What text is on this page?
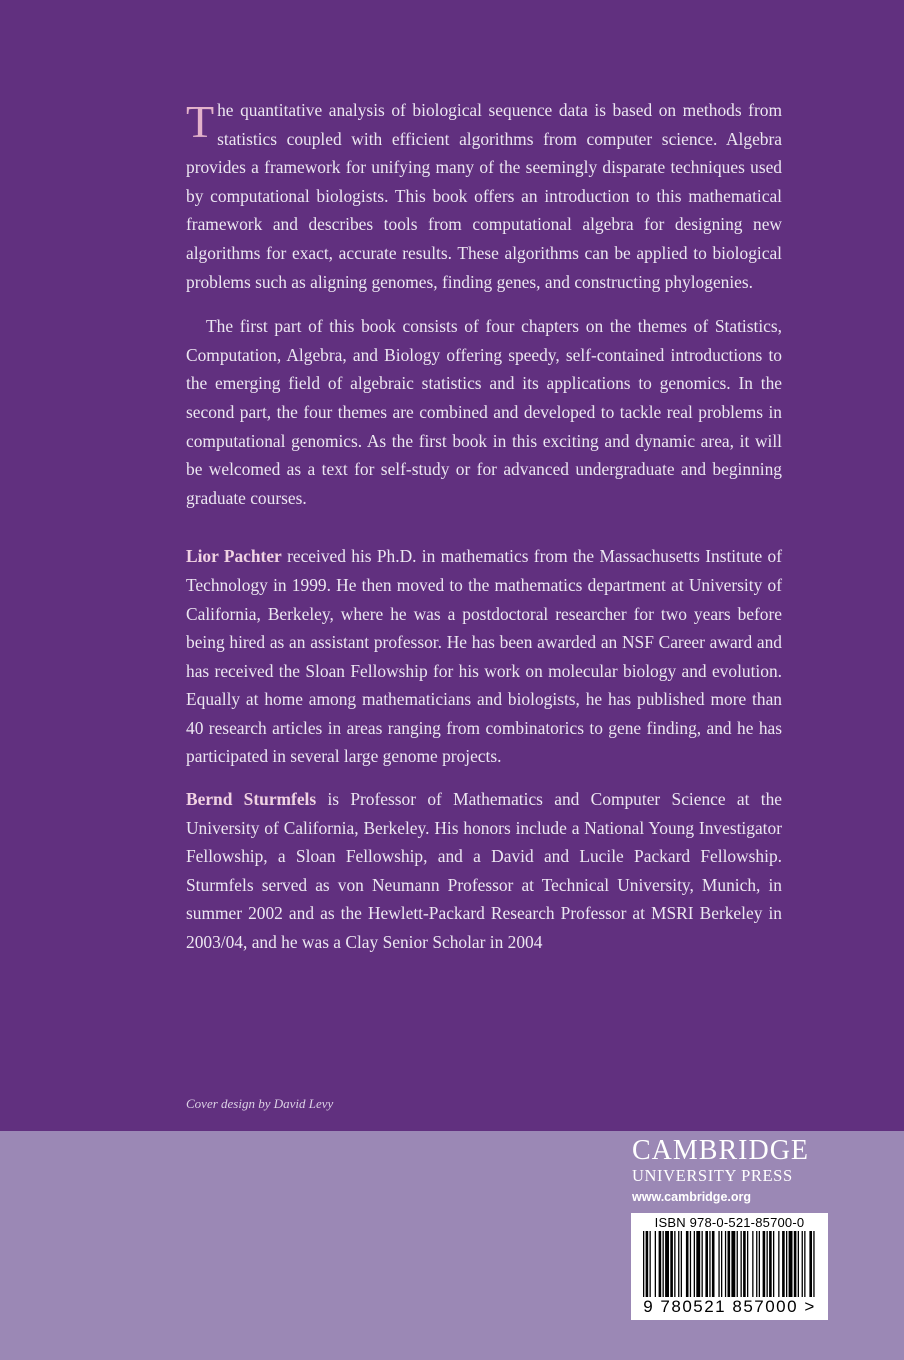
The quantitative analysis of biological sequence data is based on methods from statistics coupled with efficient algorithms from computer science. Algebra provides a framework for unifying many of the seemingly disparate techniques used by computational biologists. This book offers an introduction to this mathematical framework and describes tools from computational algebra for designing new algorithms for exact, accurate results. These algorithms can be applied to biological problems such as aligning genomes, finding genes, and constructing phylogenies.

The first part of this book consists of four chapters on the themes of Statistics, Computation, Algebra, and Biology offering speedy, self-contained introductions to the emerging field of algebraic statistics and its applications to genomics. In the second part, the four themes are combined and developed to tackle real problems in computational genomics. As the first book in this exciting and dynamic area, it will be welcomed as a text for self-study or for advanced undergraduate and beginning graduate courses.

Lior Pachter received his Ph.D. in mathematics from the Massachusetts Institute of Technology in 1999. He then moved to the mathematics department at University of California, Berkeley, where he was a postdoctoral researcher for two years before being hired as an assistant professor. He has been awarded an NSF Career award and has received the Sloan Fellowship for his work on molecular biology and evolution. Equally at home among mathematicians and biologists, he has published more than 40 research articles in areas ranging from combinatorics to gene finding, and he has participated in several large genome projects.

Bernd Sturmfels is Professor of Mathematics and Computer Science at the University of California, Berkeley. His honors include a National Young Investigator Fellowship, a Sloan Fellowship, and a David and Lucile Packard Fellowship. Sturmfels served as von Neumann Professor at Technical University, Munich, in summer 2002 and as the Hewlett-Packard Research Professor at MSRI Berkeley in 2003/04, and he was a Clay Senior Scholar in 2004

Cover design by David Levy
CAMBRIDGE
UNIVERSITY PRESS
www.cambridge.org
ISBN 978-0-521-85700-0
9 780521 857000 >
